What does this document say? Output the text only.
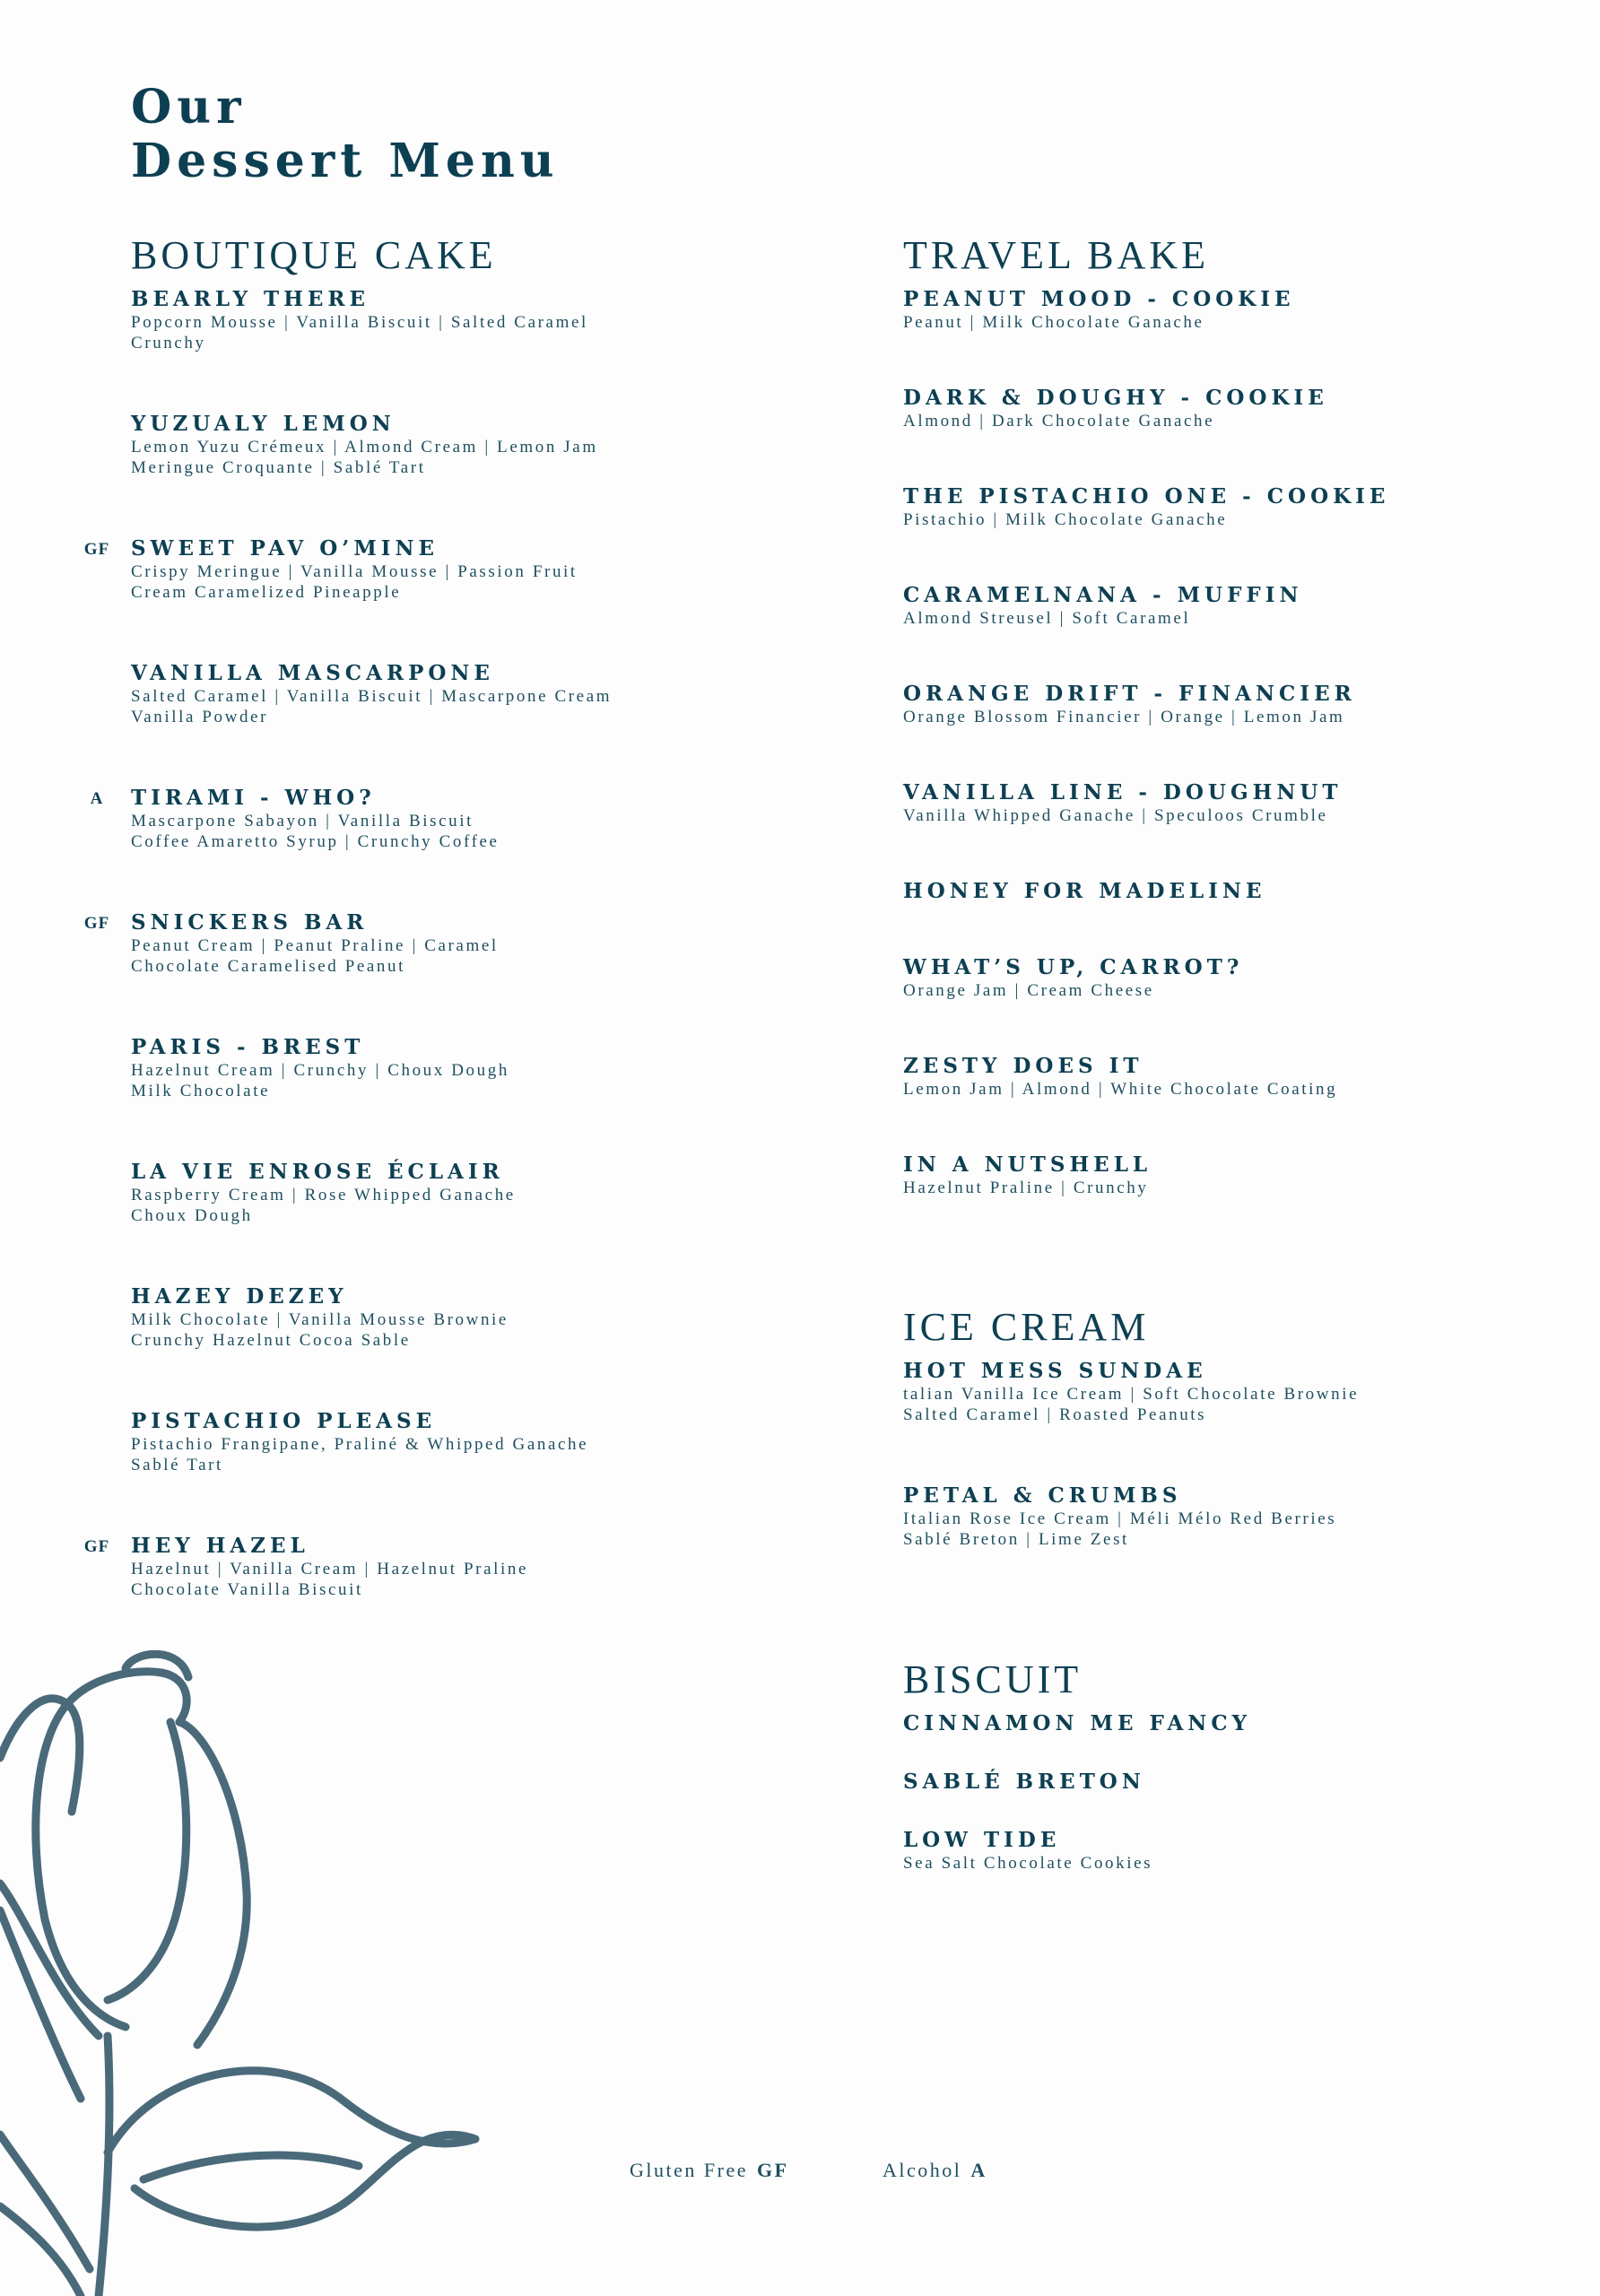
Our
Dessert Menu
BOUTIQUE CAKE
BEARLY THERE
Popcorn Mousse | Vanilla Biscuit | Salted Caramel
Crunchy
YUZUALY LEMON
Lemon Yuzu Crémeux | Almond Cream | Lemon Jam
Meringue Croquante | Sablé Tart
GF SWEET PAV O’MINE
Crispy Meringue | Vanilla Mousse | Passion Fruit
Cream Caramelized Pineapple
VANILLA MASCARPONE
Salted Caramel | Vanilla Biscuit | Mascarpone Cream
Vanilla Powder
A	TIRAMI - WHO?
Mascarpone Sabayon | Vanilla Biscuit
Coffee Amaretto Syrup | Crunchy Coffee
GF SNICKERS BAR
Peanut Cream | Peanut Praline | Caramel
Chocolate Caramelised Peanut
PARIS - BREST
Hazelnut Cream | Crunchy | Choux Dough
Milk Chocolate
LA VIE ENROSE ÉCLAIR
Raspberry Cream | Rose Whipped Ganache
Choux Dough
HAZEY DEZEY
Milk Chocolate | Vanilla Mousse Brownie
Crunchy Hazelnut Cocoa Sable
PISTACHIO PLEASE
Pistachio Frangipane, Praliné & Whipped Ganache
Sablé Tart
GF HEY HAZEL
Hazelnut | Vanilla Cream | Hazelnut Praline
Chocolate Vanilla Biscuit
TRAVEL BAKE
PEANUT MOOD - COOKIE
Peanut | Milk Chocolate Ganache
DARK & DOUGHY - COOKIE
Almond | Dark Chocolate Ganache
THE PISTACHIO ONE - COOKIE
Pistachio | Milk Chocolate Ganache
CARAMELNANA - MUFFIN
Almond Streusel | Soft Caramel
ORANGE DRIFT - FINANCIER
Orange Blossom Financier | Orange | Lemon Jam
VANILLA LINE - DOUGHNUT
Vanilla Whipped Ganache | Speculoos Crumble
HONEY FOR MADELINE
WHAT’S UP, CARROT?
Orange Jam | Cream Cheese
ZESTY DOES IT
Lemon Jam | Almond | White Chocolate Coating
IN A NUTSHELL
Hazelnut Praline | Crunchy
ICE CREAM
HOT MESS SUNDAE
talian Vanilla Ice Cream | Soft Chocolate Brownie
Salted Caramel | Roasted Peanuts
PETAL & CRUMBS
Italian Rose Ice Cream | Méli Mélo Red Berries
Sablé Breton | Lime Zest
BISCUIT
CINNAMON ME FANCY
SABLÉ BRETON
LOW TIDE
Sea Salt Chocolate Cookies
Gluten Free GF	Alcohol A
